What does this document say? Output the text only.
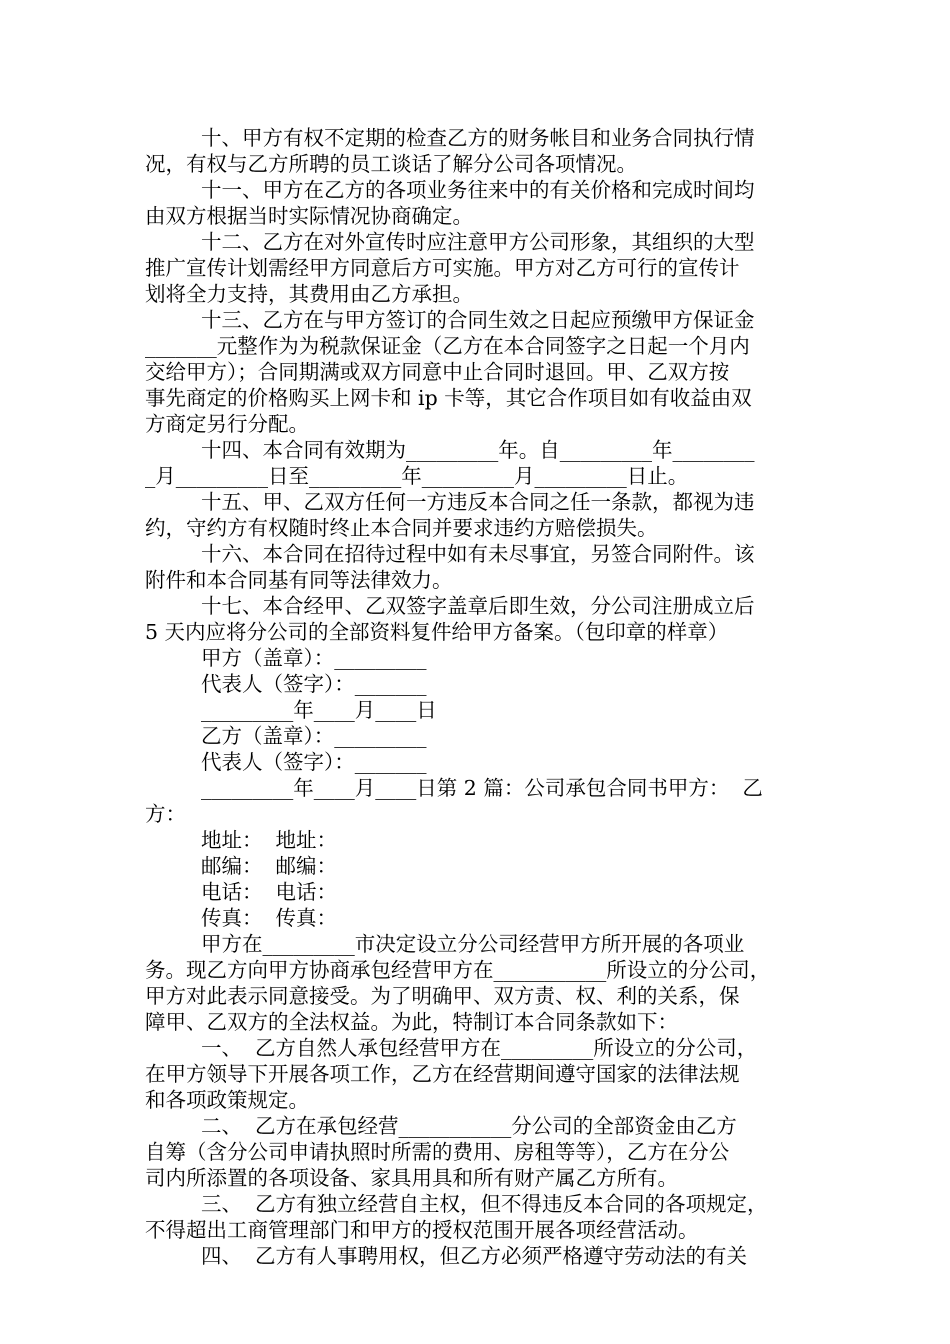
十、甲方有权不定期的检查乙方的财务帐目和业务合同执行情
况，有权与乙方所聘的员工谈话了解分公司各项情况。
十一、甲方在乙方的各项业务往来中的有关价格和完成时间均
由双方根据当时实际情况协商确定。
十二、乙方在对外宣传时应注意甲方公司形象，其组织的大型
推广宣传计划需经甲方同意后方可实施。甲方对乙方可行的宣传计
划将全力支持，其费用由乙方承担。
十三、乙方在与甲方签订的合同生效之日起应预缴甲方保证金
_______元整作为为税款保证金（乙方在本合同签字之日起一个月内
交给甲方）；合同期满或双方同意中止合同时退回。甲、乙双方按
事先商定的价格购买上网卡和 ip 卡等，其它合作项目如有收益由双
方商定另行分配。
十四、本合同有效期为_________年。自_________年________
_月_________日至_________年_________月_________日止。
十五、甲、乙双方任何一方违反本合同之任一条款，都视为违
约，守约方有权随时终止本合同并要求违约方赔偿损失。
十六、本合同在招待过程中如有未尽事宜，另签合同附件。该
附件和本合同基有同等法律效力。
十七、本合经甲、乙双签字盖章后即生效，分公司注册成立后
5 天内应将分公司的全部资料复件给甲方备案。（包印章的样章）
甲方（盖章）：_________
代表人（签字）：_______
_________年____月____日
乙方（盖章）：_________
代表人（签字）：_______
_________年____月____日第 2 篇：公司承包合同书甲方：  乙
方：
地址：  地址：
邮编：  邮编：
电话：  电话：
传真：  传真：
甲方在_________市决定设立分公司经营甲方所开展的各项业
务。现乙方向甲方协商承包经营甲方在___________所设立的分公司，
甲方对此表示同意接受。为了明确甲、双方责、权、利的关系，保
障甲、乙双方的全法权益。为此，特制订本合同条款如下：
一、  乙方自然人承包经营甲方在_________所设立的分公司，
在甲方领导下开展各项工作，乙方在经营期间遵守国家的法律法规
和各项政策规定。
二、  乙方在承包经营___________分公司的全部资金由乙方
自筹（含分公司申请执照时所需的费用、房租等等），乙方在分公
司内所添置的各项设备、家具用具和所有财产属乙方所有。
三、  乙方有独立经营自主权，但不得违反本合同的各项规定，
不得超出工商管理部门和甲方的授权范围开展各项经营活动。
四、  乙方有人事聘用权，但乙方必须严格遵守劳动法的有关
